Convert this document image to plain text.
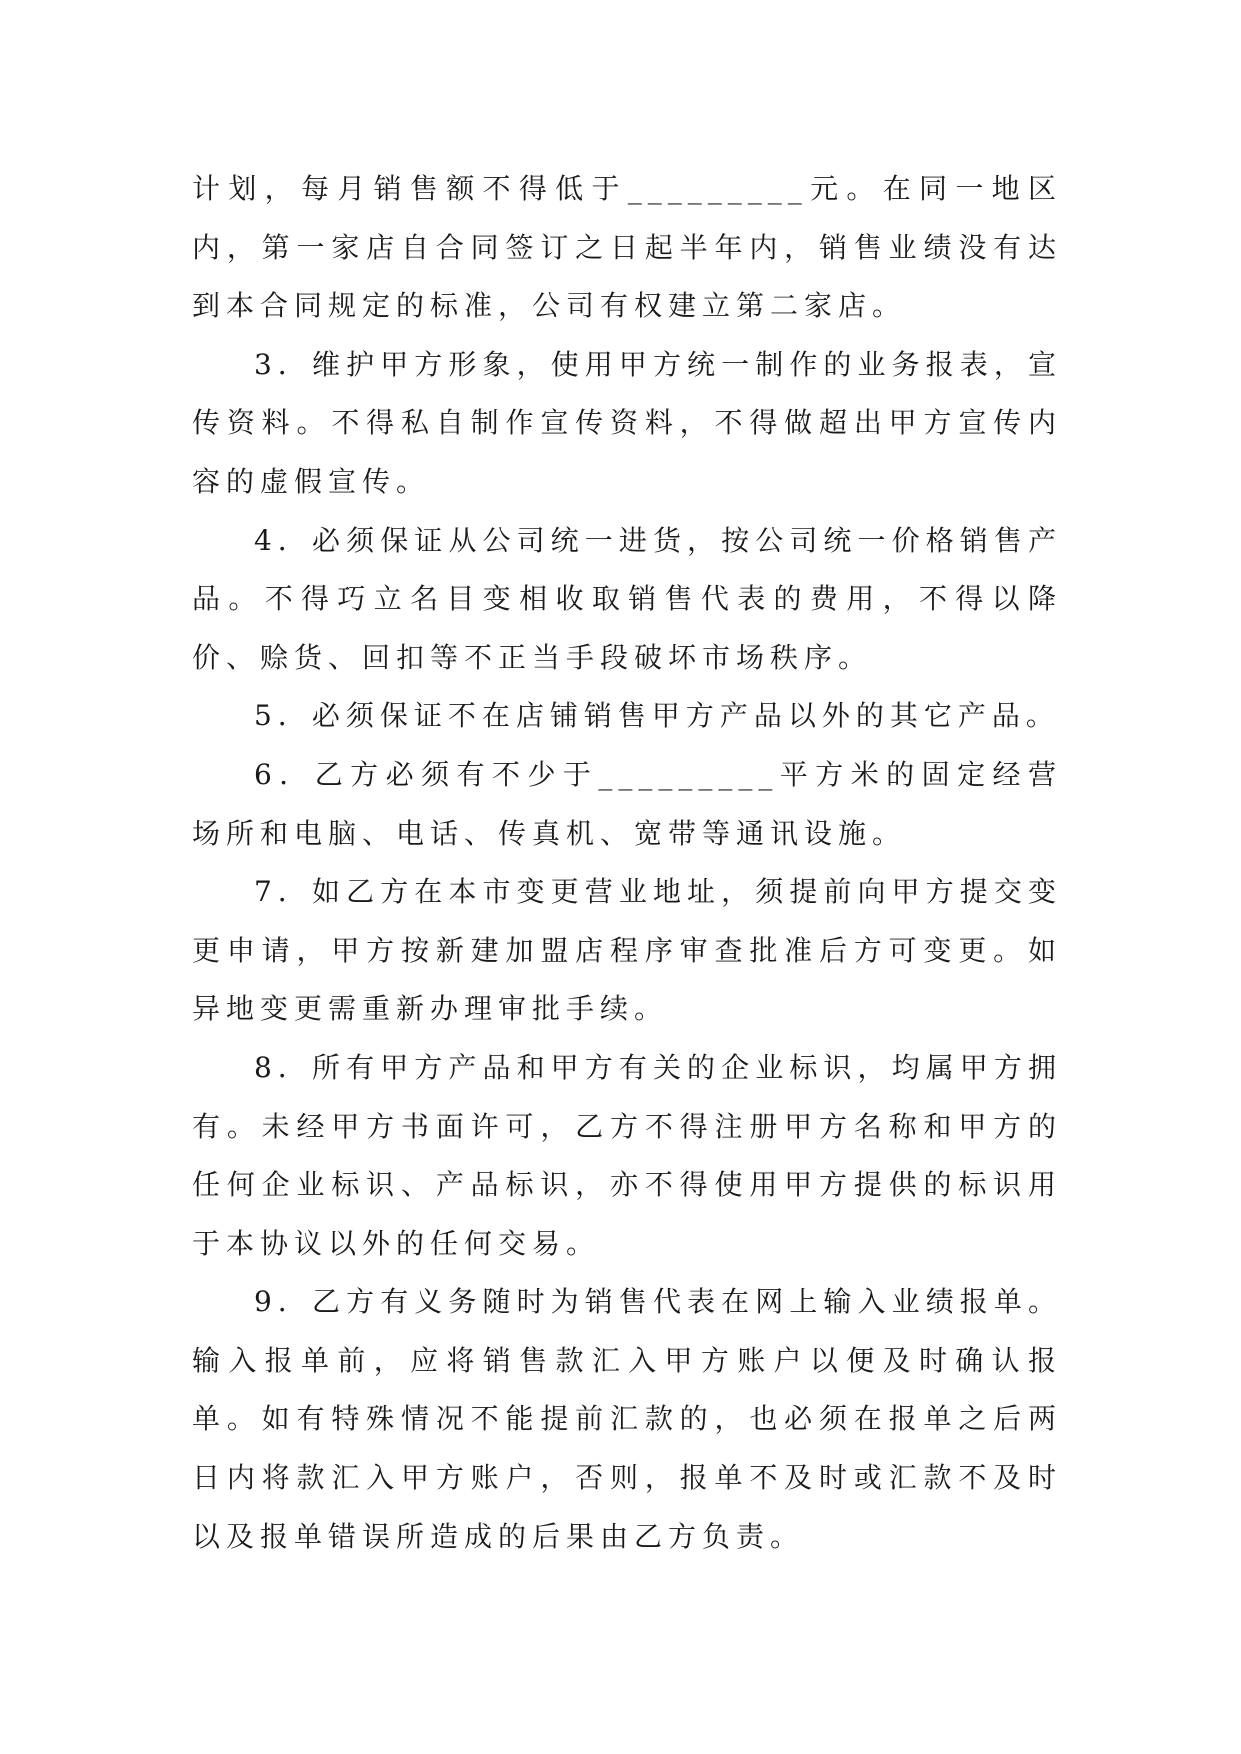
计划，每月销售额不得低于_________元。在同一地区内，第一家店自合同签订之日起半年内，销售业绩没有达到本合同规定的标准，公司有权建立第二家店。

3．维护甲方形象，使用甲方统一制作的业务报表，宣传资料。不得私自制作宣传资料，不得做超出甲方宣传内容的虚假宣传。

4．必须保证从公司统一进货，按公司统一价格销售产品。不得巧立名目变相收取销售代表的费用，不得以降价、赊货、回扣等不正当手段破坏市场秩序。

5．必须保证不在店铺销售甲方产品以外的其它产品。

6．乙方必须有不少于_________平方米的固定经营场所和电脑、电话、传真机、宽带等通讯设施。

7．如乙方在本市变更营业地址，须提前向甲方提交变更申请，甲方按新建加盟店程序审查批准后方可变更。如异地变更需重新办理审批手续。

8．所有甲方产品和甲方有关的企业标识，均属甲方拥有。未经甲方书面许可，乙方不得注册甲方名称和甲方的任何企业标识、产品标识，亦不得使用甲方提供的标识用于本协议以外的任何交易。

9．乙方有义务随时为销售代表在网上输入业绩报单。输入报单前，应将销售款汇入甲方账户以便及时确认报单。如有特殊情况不能提前汇款的，也必须在报单之后两日内将款汇入甲方账户，否则，报单不及时或汇款不及时以及报单错误所造成的后果由乙方负责。
